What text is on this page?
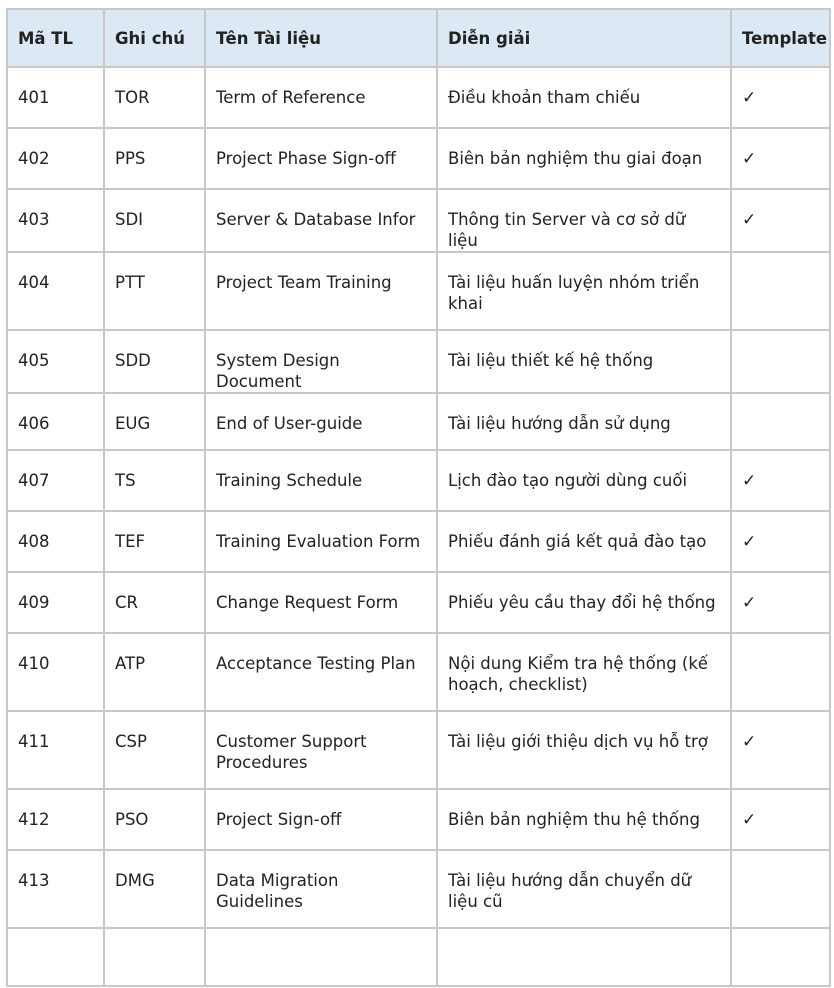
Mã TL	Ghi chú	Tên Tài liệu	Diễn giải	Template
401	TOR	Term of Reference	Điều khoản tham chiếu	✓
402	PPS	Project Phase Sign-off	Biên bản nghiệm thu giai đoạn	✓
403	SDI	Server & Database Infor	Thông tin Server và cơ sở dữ liệu	✓
404	PTT	Project Team Training	Tài liệu huấn luyện nhóm triển khai	
405	SDD	System Design Document	Tài liệu thiết kế hệ thống	
406	EUG	End of User-guide	Tài liệu hướng dẫn sử dụng	
407	TS	Training Schedule	Lịch đào tạo người dùng cuối	✓
408	TEF	Training Evaluation Form	Phiếu đánh giá kết quả đào tạo	✓
409	CR	Change Request Form	Phiếu yêu cầu thay đổi hệ thống	✓
410	ATP	Acceptance Testing Plan	Nội dung Kiểm tra hệ thống (kế hoạch, checklist)	
411	CSP	Customer Support Procedures	Tài liệu giới thiệu dịch vụ hỗ trợ	✓
412	PSO	Project Sign-off	Biên bản nghiệm thu hệ thống	✓
413	DMG	Data Migration Guidelines	Tài liệu hướng dẫn chuyển dữ liệu cũ	
